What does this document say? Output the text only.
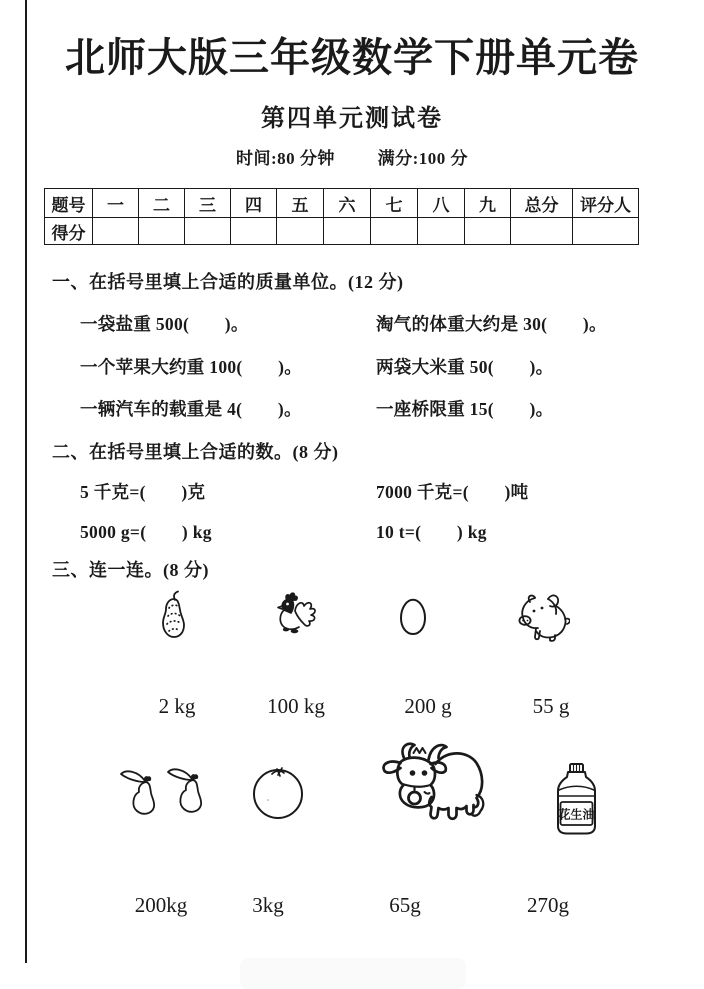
北师大版三年级数学下册单元卷
第四单元测试卷
时间:80 分钟	满分:100 分
题号	一	二	三	四	五	六	七	八	九	总分	评分人
得分											
一、在括号里填上合适的质量单位。(12 分)
一袋盐重 500(　　)。	淘气的体重大约是 30(　　)。
一个苹果大约重 100(　　)。	两袋大米重 50(　　)。
一辆汽车的载重是 4(　　)。	一座桥限重 15(　　)。
二、在括号里填上合适的数。(8 分)
5 千克=(　　)克	7000 千克=(　　)吨
5000 g=(　　) kg	10 t=(　　) kg
三、连一连。(8 分)
2 kg	100 kg	200 g	55 g
花生油
200kg	3kg	65g	270g
